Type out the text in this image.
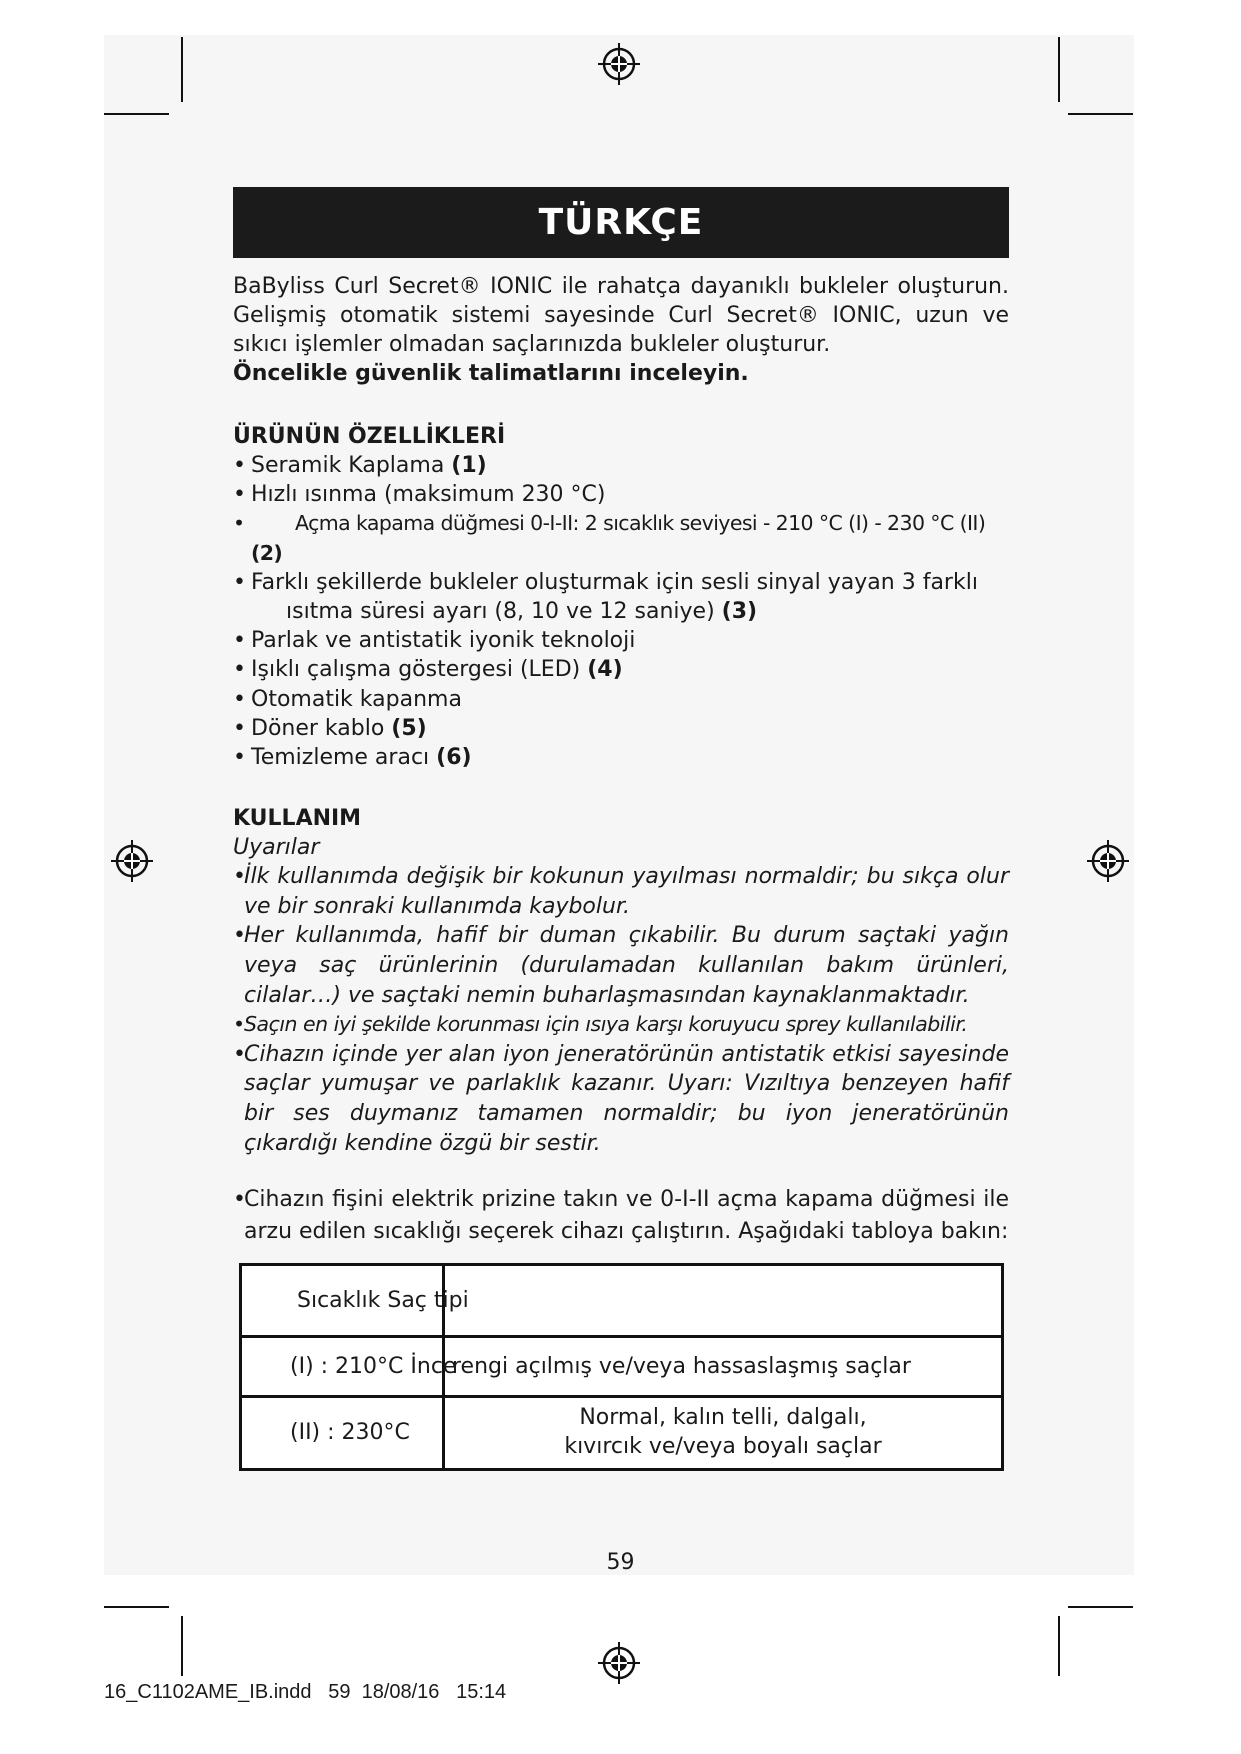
TÜRKÇE

BaByliss Curl Secret® IONIC ile rahatça dayanıklı bukleler oluşturun. Gelişmiş otomatik sistemi sayesinde Curl Secret® IONIC, uzun ve sıkıcı işlemler olmadan saçlarınızda bukleler oluşturur.

Öncelikle güvenlik talimatlarını inceleyin.

ÜRÜNÜN ÖZELLİKLERİ

• Seramik Kaplama (1)
• Hızlı ısınma (maksimum 230 °C)
• Açma kapama düğmesi 0-I-II: 2 sıcaklık seviyesi - 210 °C (I) - 230 °C (II) (2)
• Farklı şekillerde bukleler oluşturmak için sesli sinyal yayan 3 farklı
ısıtma süresi ayarı (8, 10 ve 12 saniye) (3)
• Parlak ve antistatik iyonik teknoloji
• Işıklı çalışma göstergesi (LED) (4)
• Otomatik kapanma
• Döner kablo (5)
• Temizleme aracı (6)

KULLANIM

Uyarılar

• İlk kullanımda değişik bir kokunun yayılması normaldir; bu sıkça olur ve bir sonraki kullanımda kaybolur.
• Her kullanımda, hafif bir duman çıkabilir. Bu durum saçtaki yağın veya saç ürünlerinin (durulamadan kullanılan bakım ürünleri, cilalar…) ve saçtaki nemin buharlaşmasından kaynaklanmaktadır.
• Saçın en iyi şekilde korunması için ısıya karşı koruyucu sprey kullanılabilir.
• Cihazın içinde yer alan iyon jeneratörünün antistatik etkisi sayesinde saçlar yumuşar ve parlaklık kazanır. Uyarı: Vızıltıya benzeyen hafif bir ses duymanız tamamen normaldir; bu iyon jeneratörünün çıkardığı kendine özgü bir sestir.
• Cihazın fişini elektrik prizine takın ve 0-I-II açma kapama düğmesi ile arzu edilen sıcaklığı seçerek cihazı çalıştırın. Aşağıdaki tabloya bakın:
Sıcaklık Saç tipi
(I) : 210°C İnce
rengi açılmış ve/veya hassaslaşmış saçlar
(II) : 230°C
Normal, kalın telli, dalgalı,
kıvırcık ve/veya boyalı saçlar
59
16_C1102AME_IB.indd   59  18/08/16   15:14
